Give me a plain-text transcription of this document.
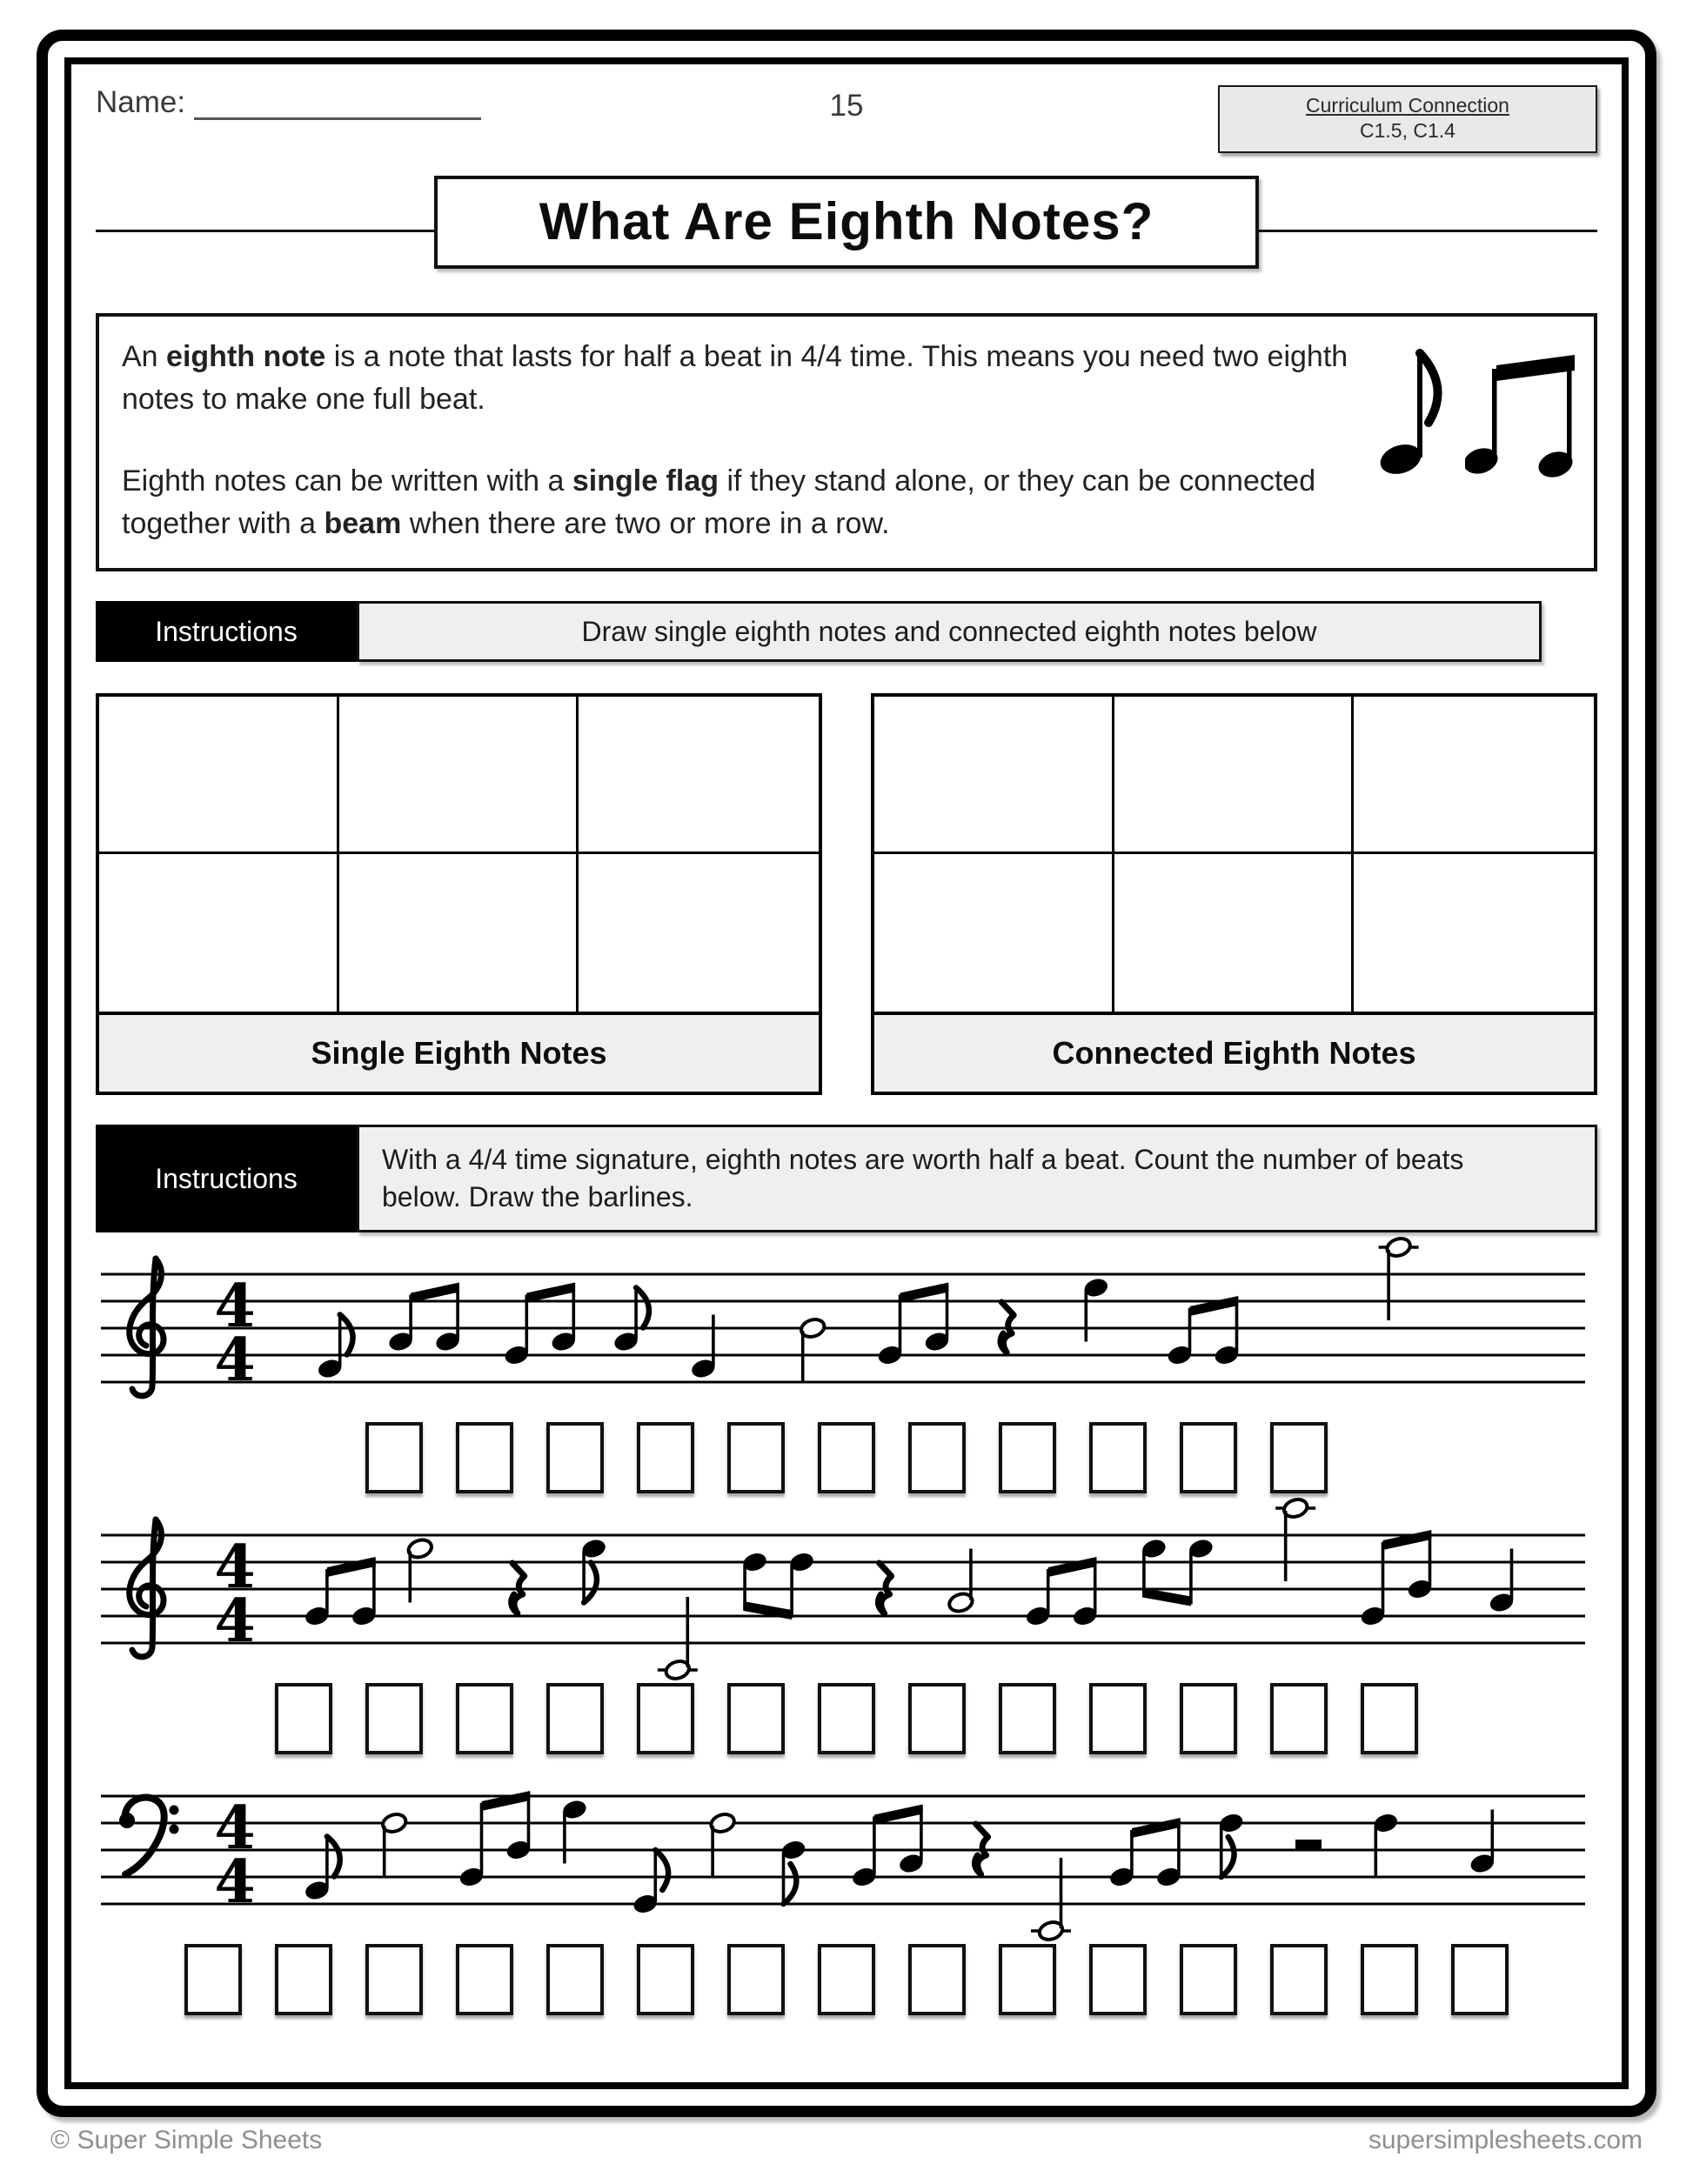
Name:	15	Curriculum Connection
C1.5, C1.4
What Are Eighth Notes?

An eighth note is a note that lasts for half a beat in 4/4 time. This means you need two eighth notes to make one full beat.

Eighth notes can be written with a single flag if they stand alone, or they can be connected together with a beam when there are two or more in a row.

Instructions	Draw single eighth notes and connected eighth notes below
Single Eighth Notes	Connected Eighth Notes
Instructions
With a 4/4 time signature, eighth notes are worth half a beat. Count the number of beats below. Draw the barlines.
4
4
4
4
4
4
© Super Simple Sheets	supersimplesheets.com
